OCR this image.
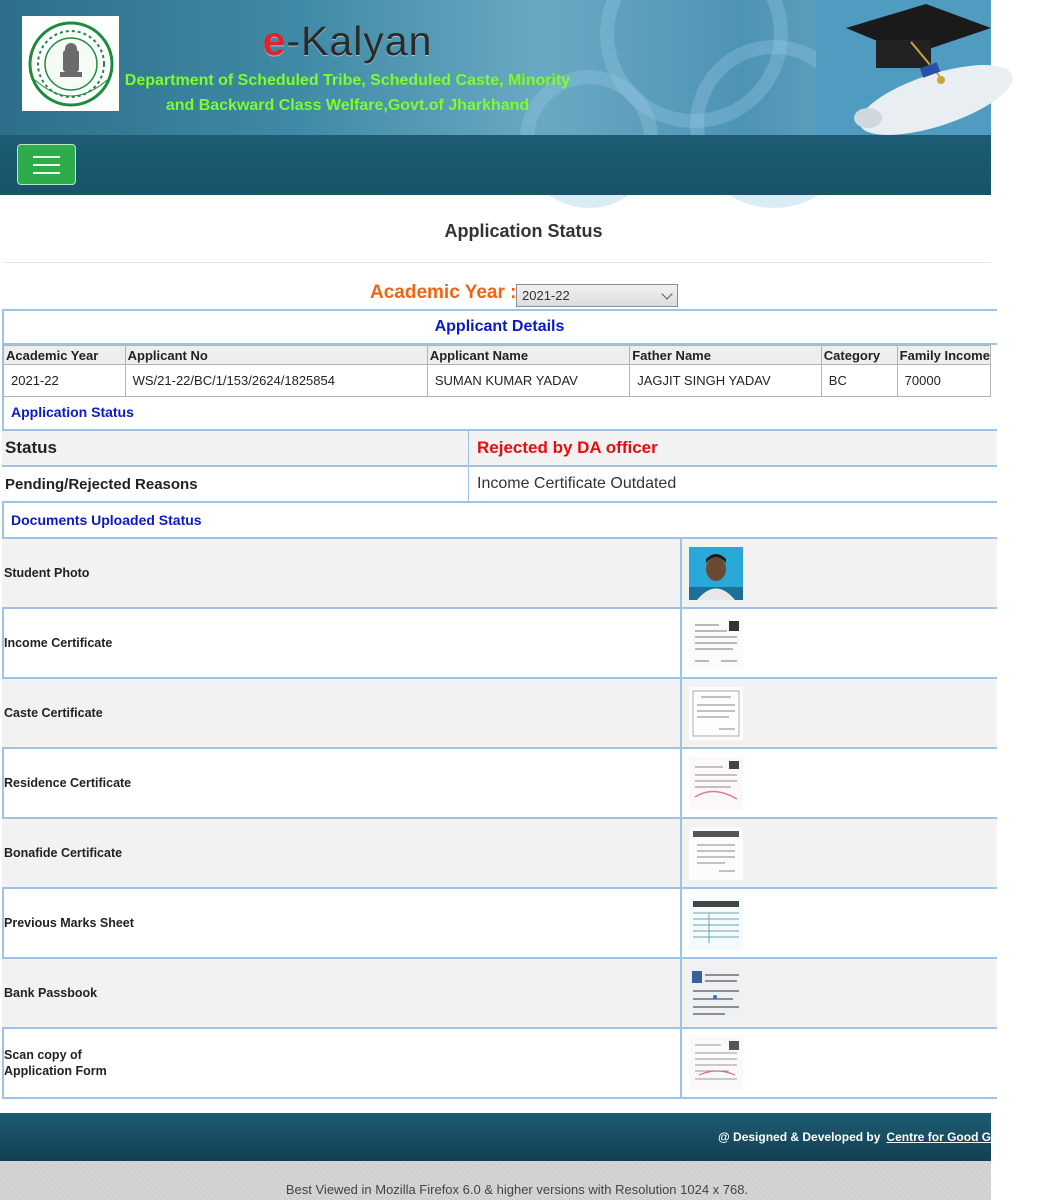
e-Kalyan
Department of Scheduled Tribe, Scheduled Caste, Minority
and Backward Class Welfare,Govt.of Jharkhand
Application Status
Academic Year : 2021-22
Applicant Details
Academic Year	Applicant No	Applicant Name	Father Name	Category	Family Income
2021-22	WS/21-22/BC/1/153/2624/1825854	SUMAN KUMAR YADAV	JAGJIT SINGH YADAV	BC	70000
Application Status
Status	Rejected by DA officer
Pending/Rejected Reasons	Income Certificate Outdated
Documents Uploaded Status
Student Photo
Income Certificate
Caste Certificate
Residence Certificate
Bonafide Certificate
Previous Marks Sheet
Bank Passbook
Scan copy of
Application Form
@ Designed & Developed by Centre for Good Governance
Best Viewed in Mozilla Firefox 6.0 & higher versions with Resolution 1024 x 768.
